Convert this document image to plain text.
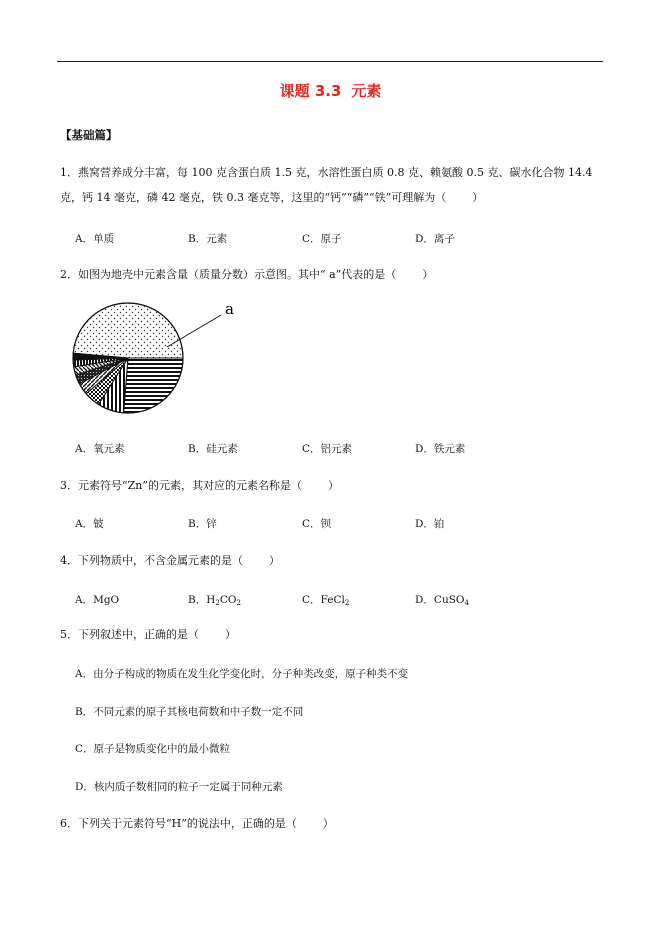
课题 3.3 元素
【基础篇】
1．燕窝营养成分丰富，每 100 克含蛋白质 1.5 克，水溶性蛋白质 0.8 克、赖氨酸 0.5 克、碳水化合物 14.4
克，钙 14 毫克，磷 42 毫克，铁 0.3 毫克等，这里的“钙”“磷”“铁”可理解为（ ）
A．单质	B．元素	C．原子	D．离子
2．如图为地壳中元素含量（质量分数）示意图。其中“ a”代表的是（ ）
a
A．氧元素	B．硅元素	C．铝元素	D．铁元素
3．元素符号“Zn”的元素，其对应的元素名称是（ ）
A．铍	B．锌	C．钡	D．铂
4．下列物质中，不含金属元素的是（ ）
A．MgO	B．$H_2CO_2$	C．FeCl$_2$	D．CuSO$_4$
5．下列叙述中，正确的是（ ）
A．由分子构成的物质在发生化学变化时，分子种类改变，原子种类不变
B．不同元素的原子其核电荷数和中子数一定不同
C．原子是物质变化中的最小微粒
D．核内质子数相同的粒子一定属于同种元素
6．下列关于元素符号“H”的说法中，正确的是（ ）
